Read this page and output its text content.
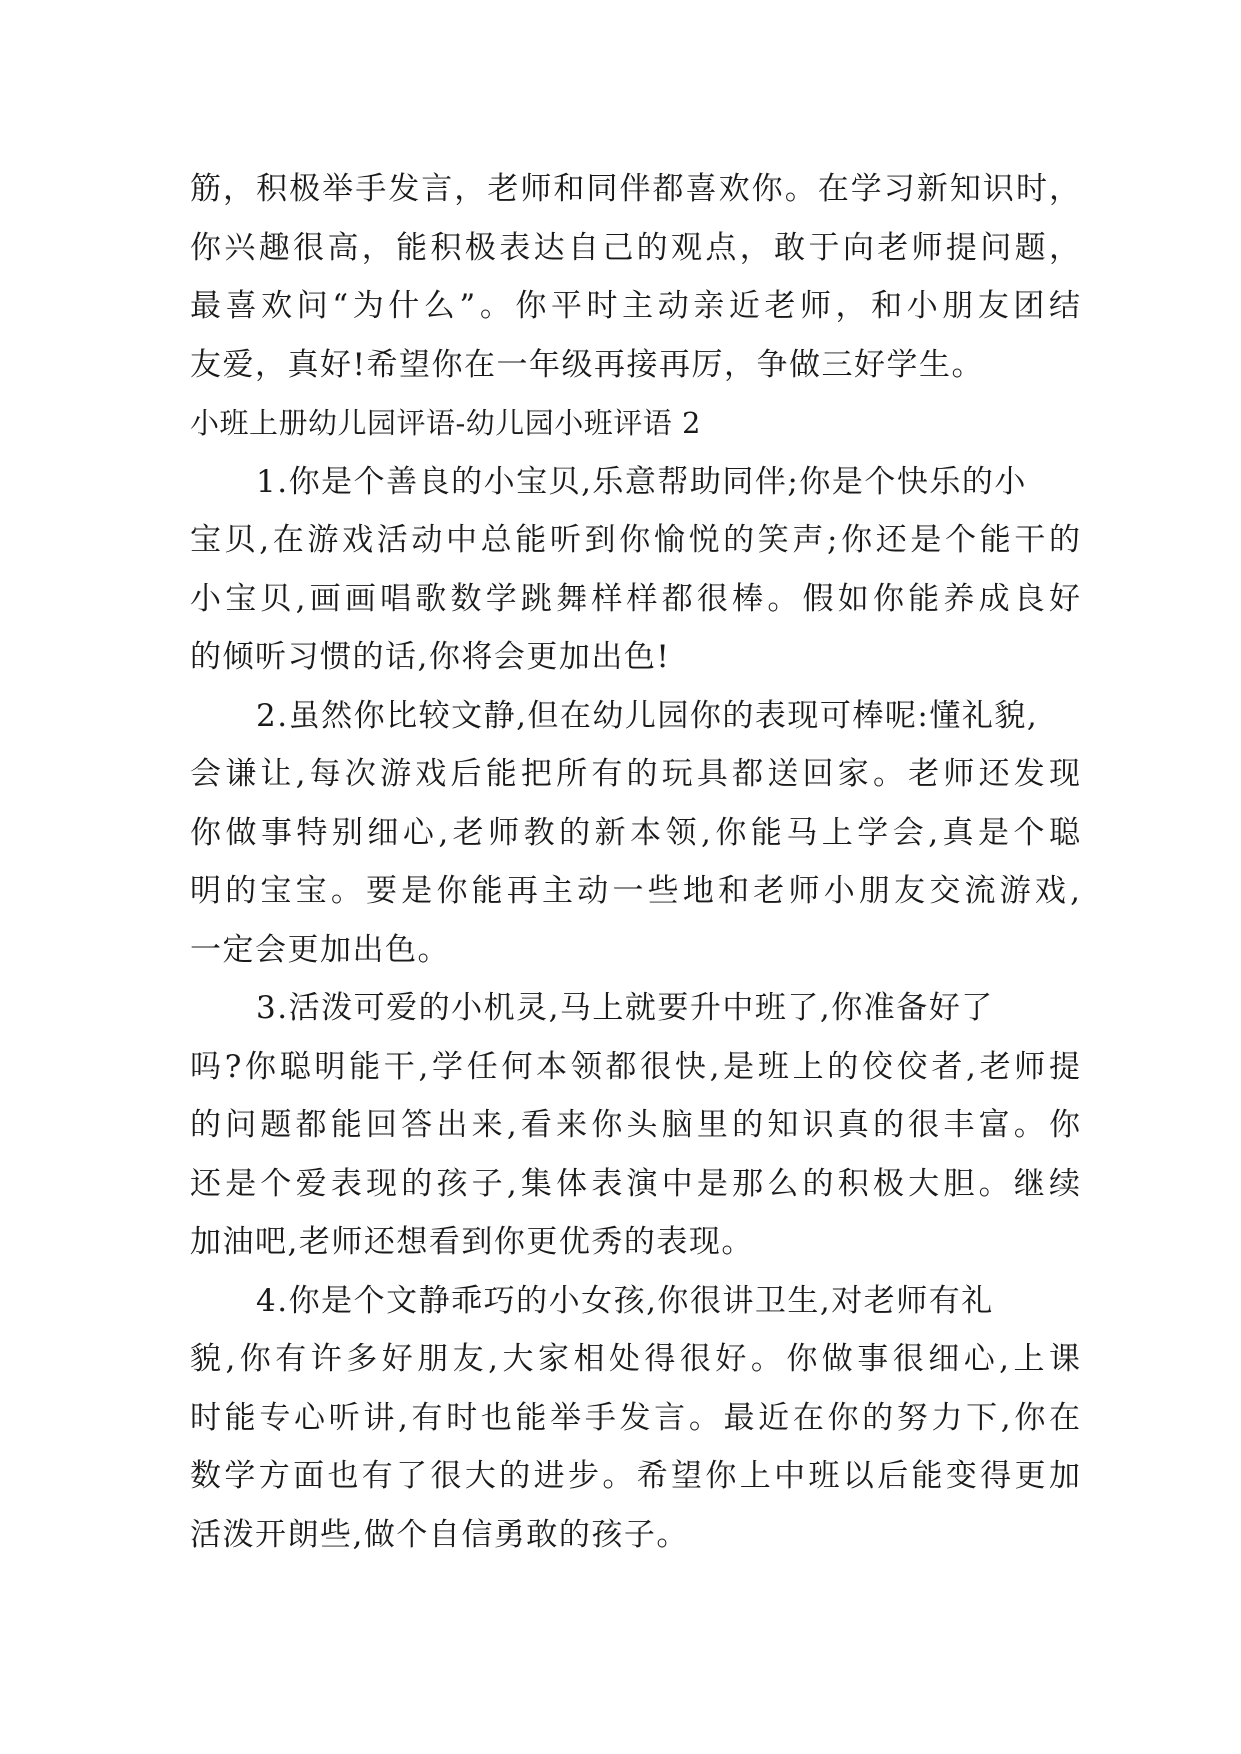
筋，积极举手发言，老师和同伴都喜欢你。在学习新知识时，
你兴趣很高，能积极表达自己的观点，敢于向老师提问题，
最喜欢问“为什么”。你平时主动亲近老师，和小朋友团结
友爱，真好!希望你在一年级再接再厉，争做三好学生。
小班上册幼儿园评语-幼儿园小班评语 2
1.你是个善良的小宝贝,乐意帮助同伴;你是个快乐的小
宝贝,在游戏活动中总能听到你愉悦的笑声;你还是个能干的
小宝贝,画画唱歌数学跳舞样样都很棒。假如你能养成良好
的倾听习惯的话,你将会更加出色!
2.虽然你比较文静,但在幼儿园你的表现可棒呢:懂礼貌,
会谦让,每次游戏后能把所有的玩具都送回家。老师还发现
你做事特别细心,老师教的新本领,你能马上学会,真是个聪
明的宝宝。要是你能再主动一些地和老师小朋友交流游戏,
一定会更加出色。
3.活泼可爱的小机灵,马上就要升中班了,你准备好了
吗?你聪明能干,学任何本领都很快,是班上的佼佼者,老师提
的问题都能回答出来,看来你头脑里的知识真的很丰富。你
还是个爱表现的孩子,集体表演中是那么的积极大胆。继续
加油吧,老师还想看到你更优秀的表现。
4.你是个文静乖巧的小女孩,你很讲卫生,对老师有礼
貌,你有许多好朋友,大家相处得很好。你做事很细心,上课
时能专心听讲,有时也能举手发言。最近在你的努力下,你在
数学方面也有了很大的进步。希望你上中班以后能变得更加
活泼开朗些,做个自信勇敢的孩子。
